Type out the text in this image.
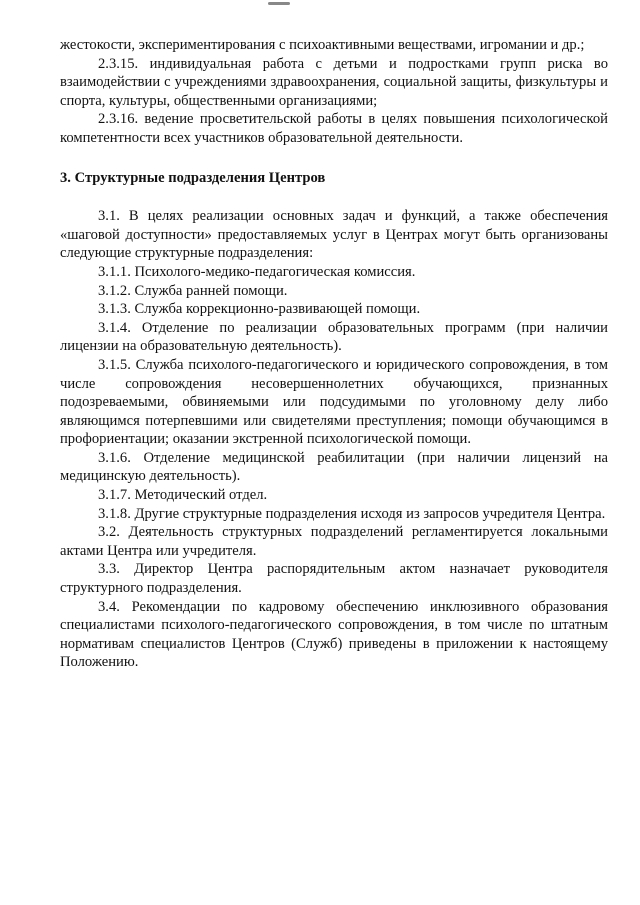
жестокости, экспериментирования с психоактивными веществами, игромании и др.;

2.3.15. индивидуальная работа с детьми и подростками групп риска во взаимодействии с учреждениями здравоохранения, социальной защиты, физкультуры и спорта, культуры, общественными организациями;

2.3.16. ведение просветительской работы в целях повышения психологической компетентности всех участников образовательной деятельности.

3. Структурные подразделения Центров

3.1. В целях реализации основных задач и функций, а также обеспечения «шаговой доступности» предоставляемых услуг в Центрах могут быть организованы следующие структурные подразделения:

3.1.1. Психолого-медико-педагогическая комиссия.

3.1.2. Служба ранней помощи.

3.1.3. Служба коррекционно-развивающей помощи.

3.1.4. Отделение по реализации образовательных программ (при наличии лицензии на образовательную деятельность).

3.1.5. Служба психолого-педагогического и юридического сопровождения, в том числе сопровождения несовершеннолетних обучающихся, признанных подозреваемыми, обвиняемыми или подсудимыми по уголовному делу либо являющимся потерпевшими или свидетелями преступления; помощи обучающимся в профориентации; оказании экстренной психологической помощи.

3.1.6. Отделение медицинской реабилитации (при наличии лицензий на медицинскую деятельность).

3.1.7. Методический отдел.

3.1.8. Другие структурные подразделения исходя из запросов учредителя Центра.

3.2. Деятельность структурных подразделений регламентируется локальными актами Центра или учредителя.

3.3. Директор Центра распорядительным актом назначает руководителя структурного подразделения.

3.4. Рекомендации по кадровому обеспечению инклюзивного образования специалистами психолого-педагогического сопровождения, в том числе по штатным нормативам специалистов Центров (Служб) приведены в приложении к настоящему Положению.
